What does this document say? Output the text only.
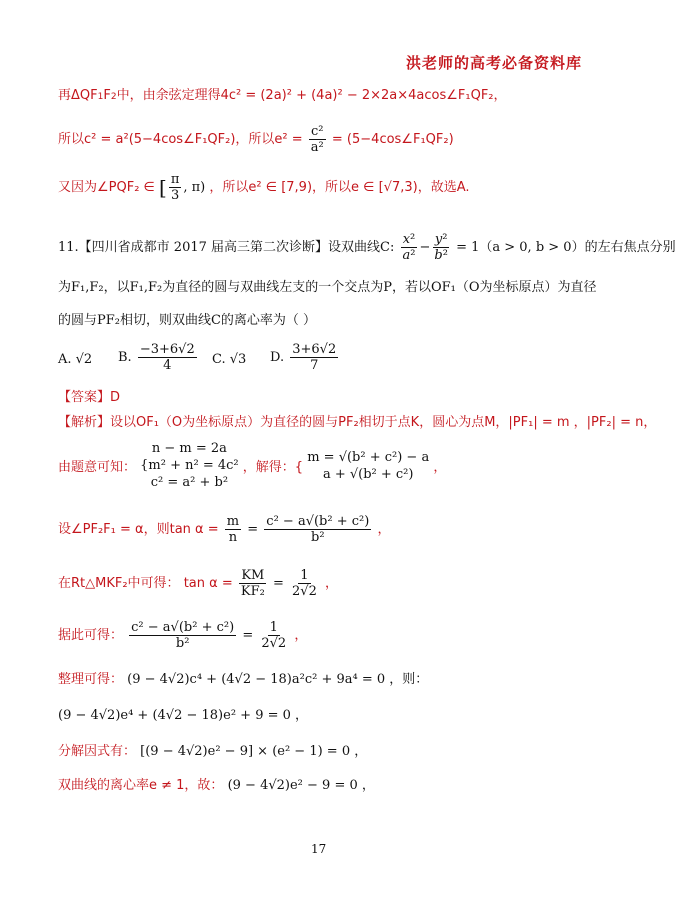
洪老师的高考必备资料库
再ΔQF1F2中，由余弦定理得4c² = (2a)² + (4a)² − 2×2a×4acos∠F₁QF₂，
所以c² = a²(5−4cos∠F₁QF₂)，所以$e^2 = \frac{\text{c²}}{\text{a²}}$ = (5−4cos∠F₁QF₂)
又因为∠PQF₂ ∈ [ $\frac{\pi}{3}$ , π) ，所以e² ∈ [7,9)，所以e ∈ [√7,3)，故选A.
11.【四川省成都市 2017 届高三第二次诊断】设双曲线C: $\frac{\text{x²}}{\text{a²}} - \frac{\text{y²}}{\text{b²}} = 1(a > 0$, b > 0）的左右焦点分别
为F₁,F₂，以F₁,F₂为直径的圆与双曲线左支的一个交点为P，若以OF₁（O为坐标原点）为直径
的圆与PF₂相切，则双曲线C的离心率为（ ）
A. √2 B. $\frac{-3+6√2}{4} C$. √3 D. $\frac{3+6√2}{7}$
【答案】D
【解析】设以OF₁（O为坐标原点）为直径的圆与PF₂相切于点K，圆心为点M，|PF₁| = m ，|PF₂| = n，
由题意可知：
n − m = 2a
{m² + n² = 4c²
c² = a² + b²
，解得：{
m = √(b² + c²) − a
a + √(b² + c²)	，
设∠PF₂F₁ = α，则$\tan \alpha = \frac{m}{n} = \frac{\text{c² − a√(b² + c²)}}{\text{b²}}$ ，
在Rt△MKF₂中可得： $\tan \alpha = \frac{KM}{\text{KF₂}} = \frac{1}{2√2}$ ，
据此可得： $\frac{\text{c² − a√(b² + c²)}}{\text{b²}} = \frac{1}{2√2}$ ，
整理可得： (9 − 4√2)c⁴ + (4√2 − 18)a²c² + 9a⁴ = 0 ，则：
(9 − 4√2)e⁴ + (4√2 − 18)e² + 9 = 0 ，
分解因式有： [(9 − 4√2)e² − 9] × (e² − 1) = 0 ，
双曲线的离心率e ≠ 1，故： (9 − 4√2)e² − 9 = 0 ，
17
